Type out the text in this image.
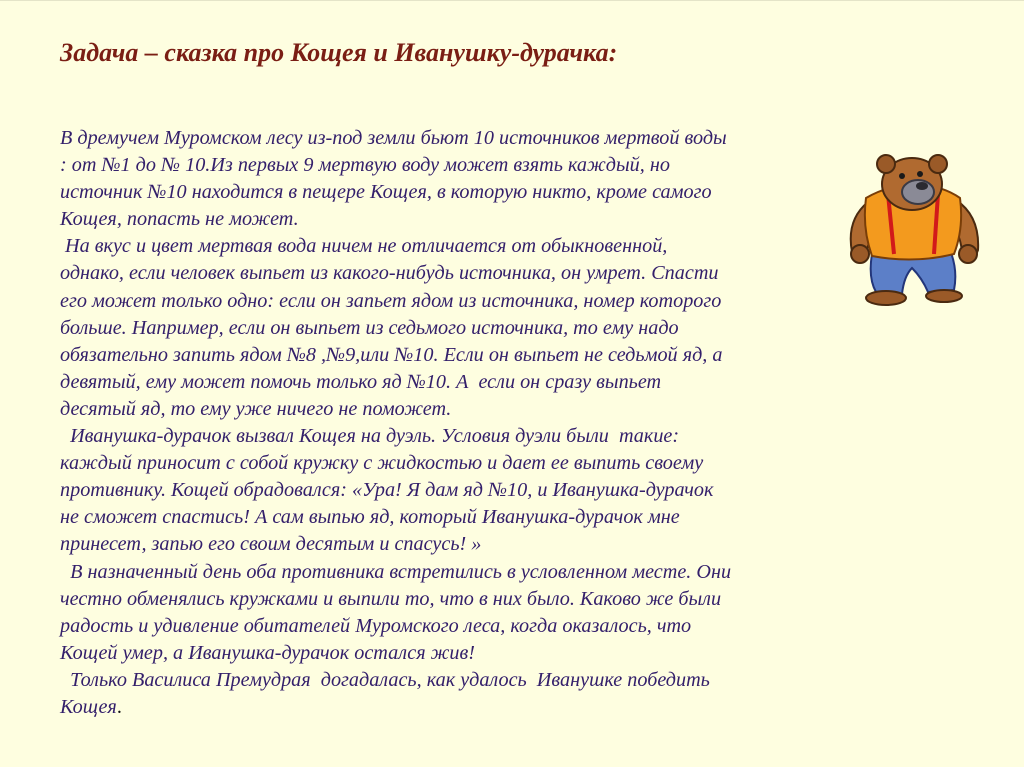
Задача – сказка про Кощея и Иванушку-дурачка:
В дремучем Муромском лесу из-под земли бьют 10 источников мертвой воды
: от №1 до № 10.Из первых 9 мертвую воду может взять каждый, но
источник №10 находится в пещере Кощея, в которую никто, кроме самого
Кощея, попасть не может.
На вкус и цвет мертвая вода ничем не отличается от обыкновенной,
однако, если человек выпьет из какого-нибудь источника, он умрет. Спасти
его может только одно: если он запьет ядом из источника, номер которого
больше. Например, если он выпьет из седьмого источника, то ему надо
обязательно запить ядом №8 ,№9,или №10. Если он выпьет не седьмой яд, а
девятый, ему может помочь только яд №10. А  если он сразу выпьет
десятый яд, то ему уже ничего не поможет.
Иванушка-дурачок вызвал Кощея на дуэль. Условия дуэли были  такие:
каждый приносит с собой кружку с жидкостью и дает ее выпить своему
противнику. Кощей обрадовался: «Ура! Я дам яд №10, и Иванушка-дурачок
не сможет спастись! А сам выпью яд, который Иванушка-дурачок мне
принесет, запью его своим десятым и спасусь! »
В назначенный день оба противника встретились в условленном месте. Они
честно обменялись кружками и выпили то, что в них было. Каково же были
радость и удивление обитателей Муромского леса, когда оказалось, что
Кощей умер, а Иванушка-дурачок остался жив!
Только Василиса Премудрая  догадалась, как удалось  Иванушке победить
Кощея.
